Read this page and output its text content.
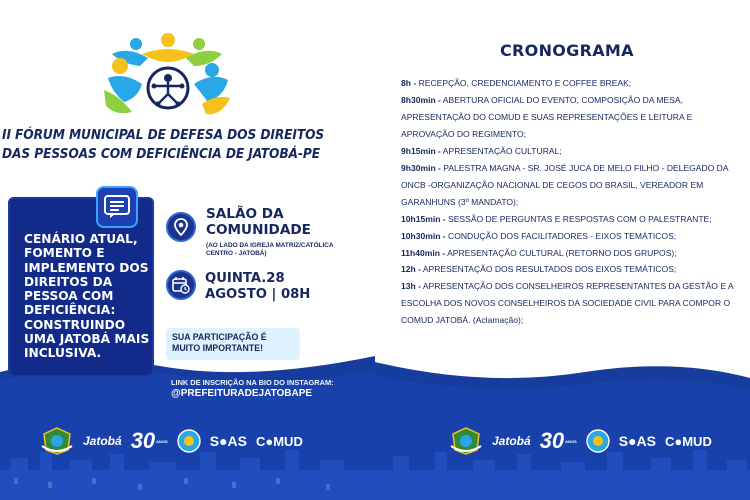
II FÓRUM MUNICIPAL DE DEFESA DOS DIREITOS
DAS PESSOAS COM DEFICIÊNCIA DE JATOBÁ-PE
CENÁRIO ATUAL, FOMENTO E IMPLEMENTO DOS DIREITOS DA PESSOA COM DEFICIÊNCIA: CONSTRUINDO UMA JATOBÁ MAIS INCLUSIVA.
SALÃO DA COMUNIDADE
(AO LADO DA IGREJA MATRIZ/CATÓLICA CENTRO - JATOBÁ)
QUINTA.28
AGOSTO | 08H
SUA PARTICIPAÇÃO É MUITO IMPORTANTE!
LINK DE INSCRIÇÃO NA BIO DO INSTAGRAM:
@PREFEITURADEJATOBAPE
Jatobá 30 ANOS	S●AS C●MUD
CRONOGRAMA
8h - RECEPÇÃO, CREDENCIAMENTO E COFFEE BREAK;
8h30min - ABERTURA OFICIAL DO EVENTO, COMPOSIÇÃO DA MESA, APRESENTAÇÃO DO COMUD E SUAS REPRESENTAÇÕES E LEITURA E APROVAÇÃO DO REGIMENTO;
9h15min - APRESENTAÇÃO CULTURAL;
9h30min - PALESTRA MAGNA - SR. JOSÉ JUCA DE MELO FILHO - DELEGADO DA ONCB -ORGANIZAÇÃO NACIONAL DE CEGOS DO BRASIL, VEREADOR EM GARANHUNS (3º MANDATO);
10h15min - SESSÃO DE PERGUNTAS E RESPOSTAS COM O PALESTRANTE;
10h30min - CONDUÇÃO DOS FACILITADORES - EIXOS TEMÁTICOS;
11h40min - APRESENTAÇÃO CULTURAL (RETORNO DOS GRUPOS);
12h - APRESENTAÇÃO DOS RESULTADOS DOS EIXOS TEMÁTICOS;
13h - APRESENTAÇÃO DOS CONSELHEIROS REPRESENTANTES DA GESTÃO E A ESCOLHA DOS NOVOS CONSELHEIROS DA SOCIEDADE CIVIL PARA COMPOR O COMUD JATOBÁ. (Aclamação);
Jatobá 30 ANOS	S●AS C●MUD
